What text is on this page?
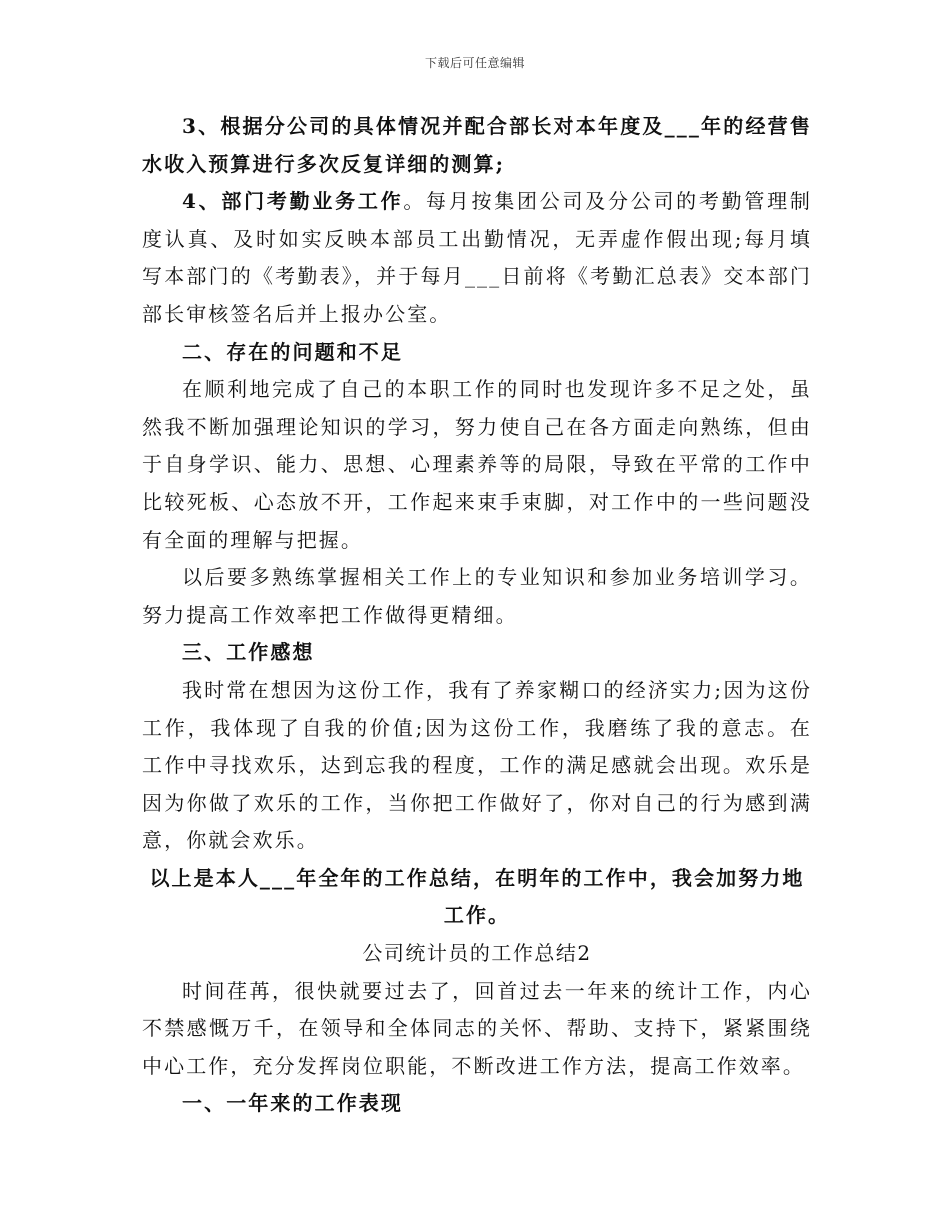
下载后可任意编辑

3、根据分公司的具体情况并配合部长对本年度及___年的经营售水收入预算进行多次反复详细的测算;

4、部门考勤业务工作。每月按集团公司及分公司的考勤管理制度认真、及时如实反映本部员工出勤情况，无弄虚作假出现;每月填写本部门的《考勤表》，并于每月___日前将《考勤汇总表》交本部门部长审核签名后并上报办公室。

二、存在的问题和不足

在顺利地完成了自己的本职工作的同时也发现许多不足之处，虽然我不断加强理论知识的学习，努力使自己在各方面走向熟练，但由于自身学识、能力、思想、心理素养等的局限，导致在平常的工作中比较死板、心态放不开，工作起来束手束脚，对工作中的一些问题没有全面的理解与把握。

以后要多熟练掌握相关工作上的专业知识和参加业务培训学习。努力提高工作效率把工作做得更精细。

三、工作感想

我时常在想因为这份工作，我有了养家糊口的经济实力;因为这份工作，我体现了自我的价值;因为这份工作，我磨练了我的意志。在工作中寻找欢乐，达到忘我的程度，工作的满足感就会出现。欢乐是因为你做了欢乐的工作，当你把工作做好了，你对自己的行为感到满意，你就会欢乐。

以上是本人___年全年的工作总结，在明年的工作中，我会加努力地工作。

公司统计员的工作总结2

时间荏苒，很快就要过去了，回首过去一年来的统计工作，内心不禁感慨万千，在领导和全体同志的关怀、帮助、支持下，紧紧围绕中心工作，充分发挥岗位职能，不断改进工作方法，提高工作效率。

一、一年来的工作表现
